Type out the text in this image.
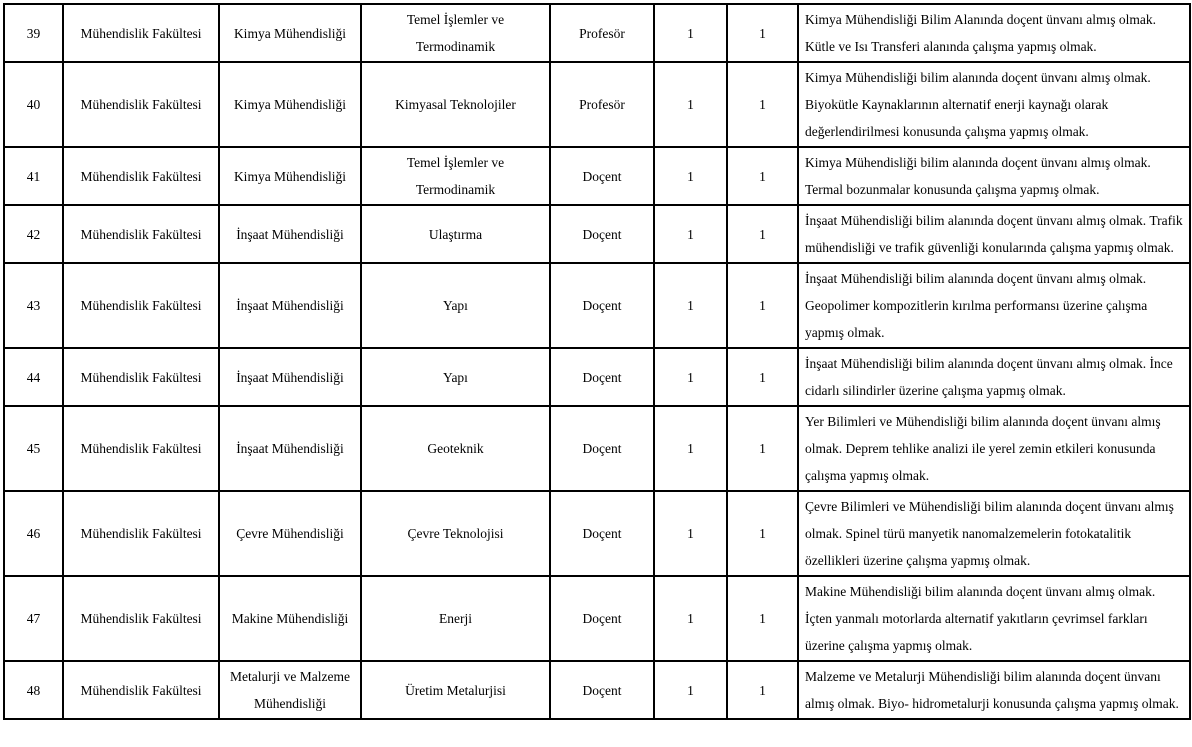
39	Mühendislik Fakültesi	Kimya Mühendisliği	Temel İşlemler ve Termodinamik	Profesör	1	1	Kimya Mühendisliği Bilim Alanında doçent ünvanı almış olmak. Kütle ve Isı Transferi alanında çalışma yapmış olmak.
40	Mühendislik Fakültesi	Kimya Mühendisliği	Kimyasal Teknolojiler	Profesör	1	1	Kimya Mühendisliği bilim alanında doçent ünvanı almış olmak. Biyokütle Kaynaklarının alternatif enerji kaynağı olarak değerlendirilmesi konusunda çalışma yapmış olmak.
41	Mühendislik Fakültesi	Kimya Mühendisliği	Temel İşlemler ve Termodinamik	Doçent	1	1	Kimya Mühendisliği bilim alanında doçent ünvanı almış olmak. Termal bozunmalar konusunda çalışma yapmış olmak.
42	Mühendislik Fakültesi	İnşaat Mühendisliği	Ulaştırma	Doçent	1	1	İnşaat Mühendisliği bilim alanında doçent ünvanı almış olmak. Trafik mühendisliği ve trafik güvenliği konularında çalışma yapmış olmak.
43	Mühendislik Fakültesi	İnşaat Mühendisliği	Yapı	Doçent	1	1	İnşaat Mühendisliği bilim alanında doçent ünvanı almış olmak. Geopolimer kompozitlerin kırılma performansı üzerine çalışma yapmış olmak.
44	Mühendislik Fakültesi	İnşaat Mühendisliği	Yapı	Doçent	1	1	İnşaat Mühendisliği bilim alanında doçent ünvanı almış olmak. İnce cidarlı silindirler üzerine çalışma yapmış olmak.
45	Mühendislik Fakültesi	İnşaat Mühendisliği	Geoteknik	Doçent	1	1	Yer Bilimleri ve Mühendisliği bilim alanında doçent ünvanı almış olmak. Deprem tehlike analizi ile yerel zemin etkileri konusunda çalışma yapmış olmak.
46	Mühendislik Fakültesi	Çevre Mühendisliği	Çevre Teknolojisi	Doçent	1	1	Çevre Bilimleri ve Mühendisliği bilim alanında doçent ünvanı almış olmak. Spinel türü manyetik nanomalzemelerin fotokatalitik özellikleri üzerine çalışma yapmış olmak.
47	Mühendislik Fakültesi	Makine Mühendisliği	Enerji	Doçent	1	1	Makine Mühendisliği bilim alanında doçent ünvanı almış olmak. İçten yanmalı motorlarda alternatif yakıtların çevrimsel farkları üzerine çalışma yapmış olmak.
48	Mühendislik Fakültesi	Metalurji ve Malzeme Mühendisliği	Üretim Metalurjisi	Doçent	1	1	Malzeme ve Metalurji Mühendisliği bilim alanında doçent ünvanı almış olmak. Biyo- hidrometalurji konusunda çalışma yapmış olmak.
